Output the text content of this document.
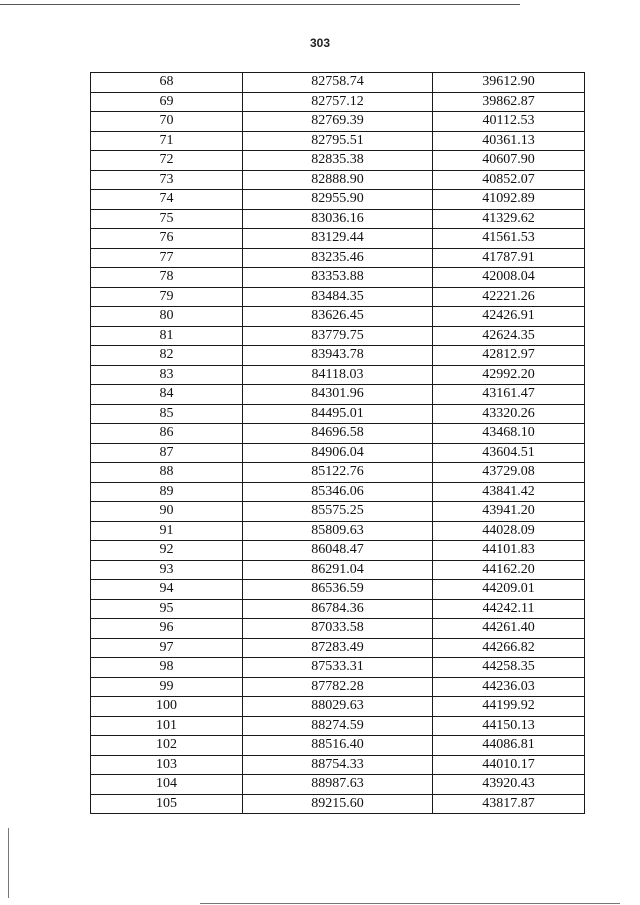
303
68	82758.74	39612.90
69	82757.12	39862.87
70	82769.39	40112.53
71	82795.51	40361.13
72	82835.38	40607.90
73	82888.90	40852.07
74	82955.90	41092.89
75	83036.16	41329.62
76	83129.44	41561.53
77	83235.46	41787.91
78	83353.88	42008.04
79	83484.35	42221.26
80	83626.45	42426.91
81	83779.75	42624.35
82	83943.78	42812.97
83	84118.03	42992.20
84	84301.96	43161.47
85	84495.01	43320.26
86	84696.58	43468.10
87	84906.04	43604.51
88	85122.76	43729.08
89	85346.06	43841.42
90	85575.25	43941.20
91	85809.63	44028.09
92	86048.47	44101.83
93	86291.04	44162.20
94	86536.59	44209.01
95	86784.36	44242.11
96	87033.58	44261.40
97	87283.49	44266.82
98	87533.31	44258.35
99	87782.28	44236.03
100	88029.63	44199.92
101	88274.59	44150.13
102	88516.40	44086.81
103	88754.33	44010.17
104	88987.63	43920.43
105	89215.60	43817.87
